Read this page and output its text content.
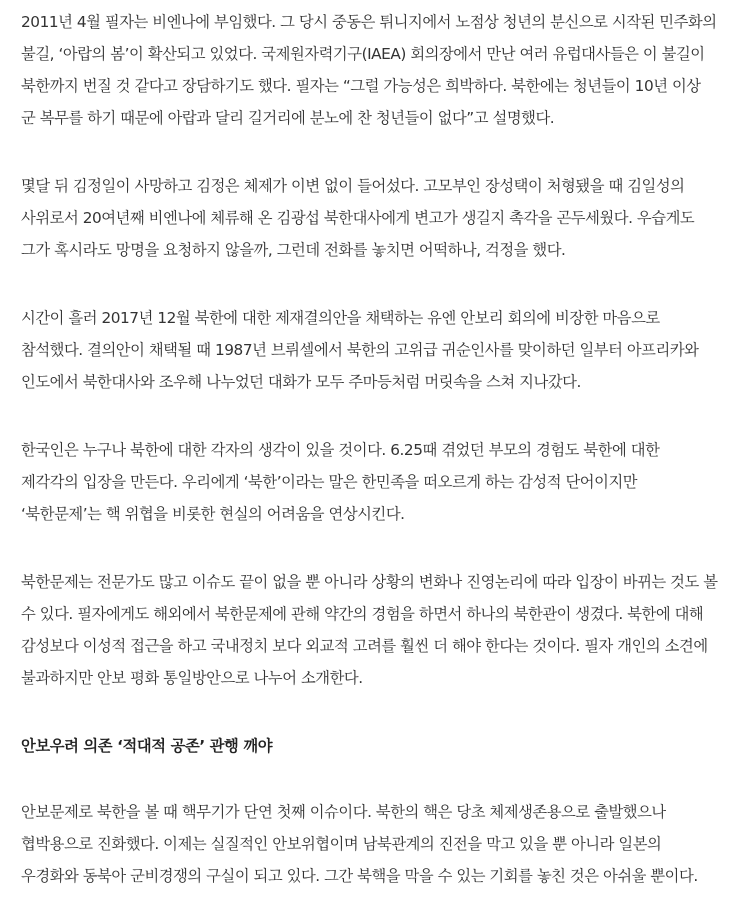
2011년 4월 필자는 비엔나에 부임했다. 그 당시 중동은 튀니지에서 노점상 청년의 분신으로 시작된 민주화의 불길, ‘아랍의 봄’이 확산되고 있었다. 국제원자력기구(IAEA) 회의장에서 만난 여러 유럽대사들은 이 불길이 북한까지 번질 것 같다고 장담하기도 했다. 필자는 “그럴 가능성은 희박하다. 북한에는 청년들이 10년 이상 군 복무를 하기 때문에 아랍과 달리 길거리에 분노에 찬 청년들이 없다”고 설명했다.

몇달 뒤 김정일이 사망하고 김정은 체제가 이변 없이 들어섰다. 고모부인 장성택이 처형됐을 때 김일성의 사위로서 20여년째 비엔나에 체류해 온 김광섭 북한대사에게 변고가 생길지 촉각을 곤두세웠다. 우습게도 그가 혹시라도 망명을 요청하지 않을까, 그런데 전화를 놓치면 어떡하나, 걱정을 했다.

시간이 흘러 2017년 12월 북한에 대한 제재결의안을 채택하는 유엔 안보리 회의에 비장한 마음으로 참석했다. 결의안이 채택될 때 1987년 브뤼셀에서 북한의 고위급 귀순인사를 맞이하던 일부터 아프리카와 인도에서 북한대사와 조우해 나누었던 대화가 모두 주마등처럼 머릿속을 스쳐 지나갔다.

한국인은 누구나 북한에 대한 각자의 생각이 있을 것이다. 6.25때 겪었던 부모의 경험도 북한에 대한 제각각의 입장을 만든다. 우리에게 ‘북한’이라는 말은 한민족을 떠오르게 하는 감성적 단어이지만 ‘북한문제’는 핵 위협을 비롯한 현실의 어려움을 연상시킨다.

북한문제는 전문가도 많고 이슈도 끝이 없을 뿐 아니라 상황의 변화나 진영논리에 따라 입장이 바뀌는 것도 볼 수 있다. 필자에게도 해외에서 북한문제에 관해 약간의 경험을 하면서 하나의 북한관이 생겼다. 북한에 대해 감성보다 이성적 접근을 하고 국내정치 보다 외교적 고려를 훨씬 더 해야 한다는 것이다. 필자 개인의 소견에 불과하지만 안보 평화 통일방안으로 나누어 소개한다.

안보우려 의존 ‘적대적 공존’ 관행 깨야

안보문제로 북한을 볼 때 핵무기가 단연 첫째 이슈이다. 북한의 핵은 당초 체제생존용으로 출발했으나 협박용으로 진화했다. 이제는 실질적인 안보위협이며 남북관계의 진전을 막고 있을 뿐 아니라 일본의 우경화와 동북아 군비경쟁의 구실이 되고 있다. 그간 북핵을 막을 수 있는 기회를 놓친 것은 아쉬울 뿐이다.
